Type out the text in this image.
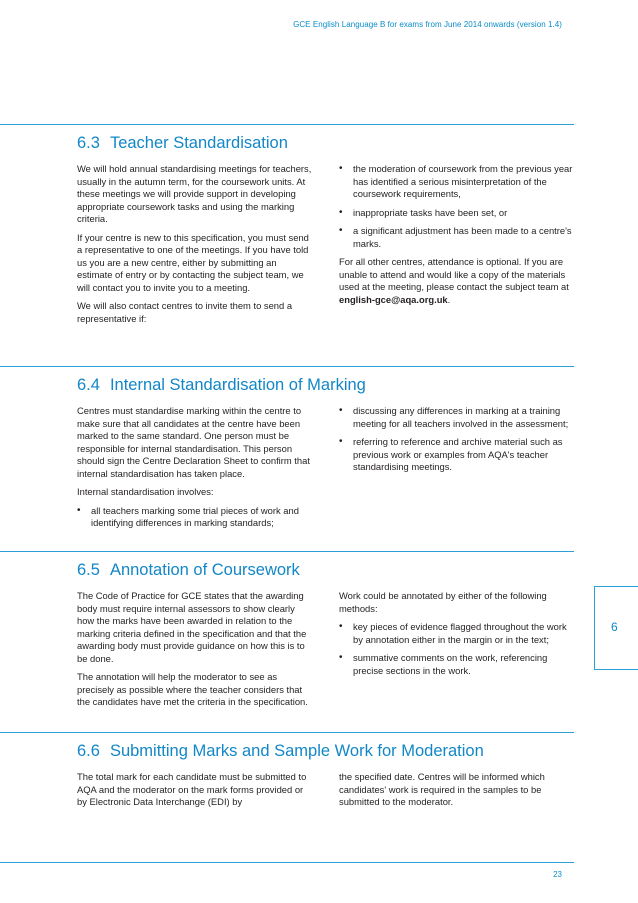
GCE English Language B for exams from June 2014 onwards (version 1.4)
6.3 Teacher Standardisation

We will hold annual standardising meetings for teachers, usually in the autumn term, for the coursework units. At these meetings we will provide support in developing appropriate coursework tasks and using the marking criteria.

If your centre is new to this specification, you must send a representative to one of the meetings. If you have told us you are a new centre, either by submitting an estimate of entry or by contacting the subject team, we will contact you to invite you to a meeting.

We will also contact centres to invite them to send a representative if:

• the moderation of coursework from the previous year has identified a serious misinterpretation of the coursework requirements,
• inappropriate tasks have been set, or
• a significant adjustment has been made to a centre's marks.

For all other centres, attendance is optional. If you are unable to attend and would like a copy of the materials used at the meeting, please contact the subject team at english-gce@aqa.org.uk.

6.4 Internal Standardisation of Marking

Centres must standardise marking within the centre to make sure that all candidates at the centre have been marked to the same standard. One person must be responsible for internal standardisation. This person should sign the Centre Declaration Sheet to confirm that internal standardisation has taken place.

Internal standardisation involves:

• all teachers marking some trial pieces of work and identifying differences in marking standards;
• discussing any differences in marking at a training meeting for all teachers involved in the assessment;
• referring to reference and archive material such as previous work or examples from AQA's teacher standardising meetings.
6.5 Annotation of Coursework

The Code of Practice for GCE states that the awarding body must require internal assessors to show clearly how the marks have been awarded in relation to the marking criteria defined in the specification and that the awarding body must provide guidance on how this is to be done.

The annotation will help the moderator to see as precisely as possible where the teacher considers that the candidates have met the criteria in the specification.

Work could be annotated by either of the following methods:

• key pieces of evidence flagged throughout the work by annotation either in the margin or in the text;
• summative comments on the work, referencing precise sections in the work.
6.6 Submitting Marks and Sample Work for Moderation

The total mark for each candidate must be submitted to AQA and the moderator on the mark forms provided or by Electronic Data Interchange (EDI) by

the specified date. Centres will be informed which candidates' work is required in the samples to be submitted to the moderator.

6
23
